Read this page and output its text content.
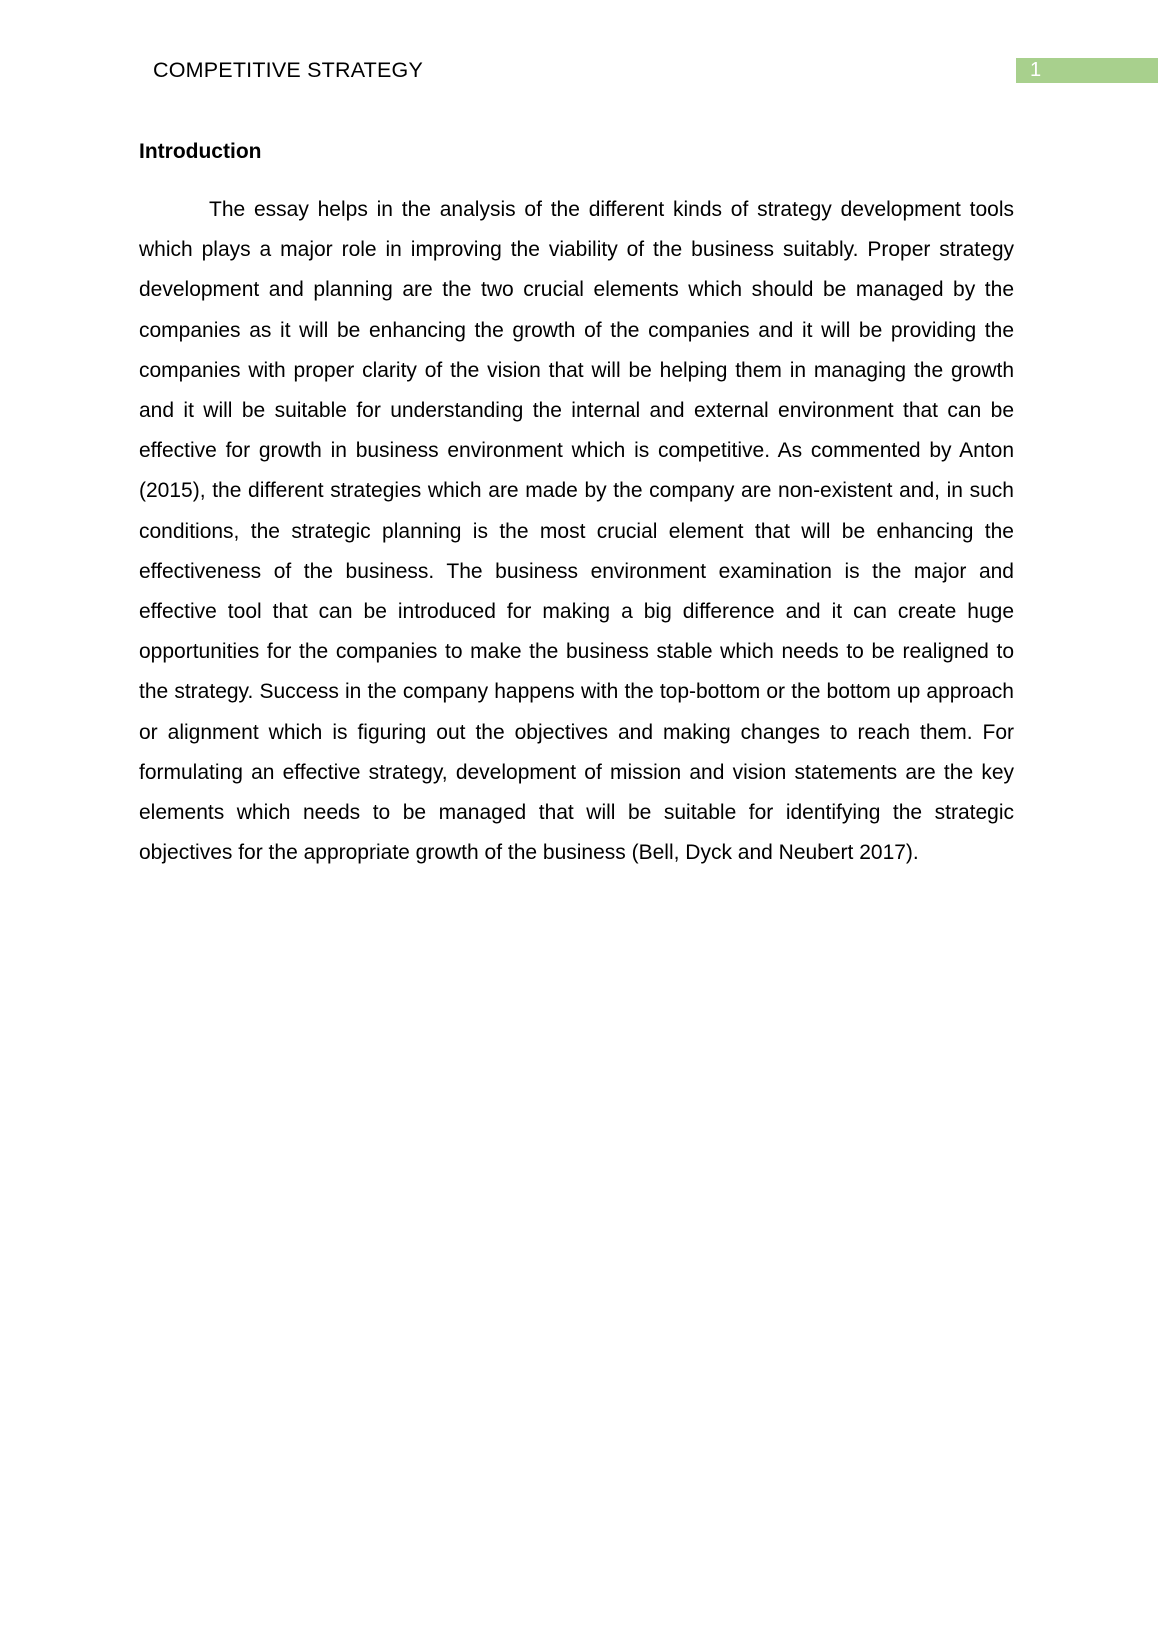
COMPETITIVE STRATEGY	1
Introduction

The essay helps in the analysis of the different kinds of strategy development tools which plays a major role in improving the viability of the business suitably. Proper strategy development and planning are the two crucial elements which should be managed by the companies as it will be enhancing the growth of the companies and it will be providing the companies with proper clarity of the vision that will be helping them in managing the growth and it will be suitable for understanding the internal and external environment that can be effective for growth in business environment which is competitive. As commented by Anton (2015), the different strategies which are made by the company are non-existent and, in such conditions, the strategic planning is the most crucial element that will be enhancing the effectiveness of the business. The business environment examination is the major and effective tool that can be introduced for making a big difference and it can create huge opportunities for the companies to make the business stable which needs to be realigned to the strategy. Success in the company happens with the top-bottom or the bottom up approach or alignment which is figuring out the objectives and making changes to reach them. For formulating an effective strategy, development of mission and vision statements are the key elements which needs to be managed that will be suitable for identifying the strategic objectives for the appropriate growth of the business (Bell, Dyck and Neubert 2017).
